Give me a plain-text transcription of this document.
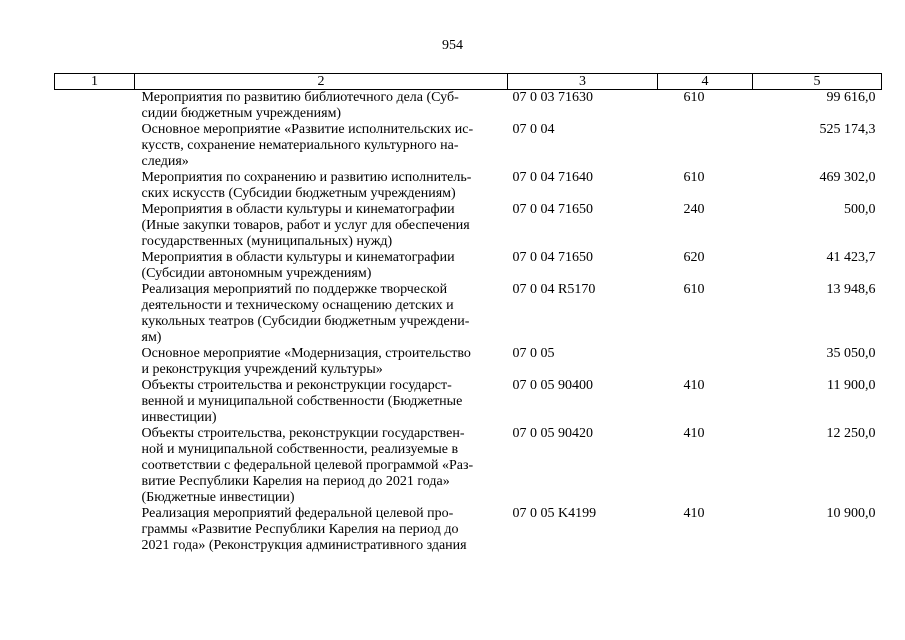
954
1	2	3	4	5

	Мероприятия по развитию библиотечного дела (Суб-
сидии бюджетным учреждениям)	07 0 03 71630	610	99 616,0

	Основное мероприятие «Развитие исполнительских ис-
кусств, сохранение нематериального культурного на-
следия»	07 0 04		525 174,3

	Мероприятия по сохранению и развитию исполнитель-
ских искусств (Субсидии бюджетным учреждениям)	07 0 04 71640	610	469 302,0

	Мероприятия в области культуры и кинематографии
(Иные закупки товаров, работ и услуг для обеспечения
государственных (муниципальных) нужд)	07 0 04 71650	240	500,0

	Мероприятия в области культуры и кинематографии
(Субсидии автономным учреждениям)	07 0 04 71650	620	41 423,7

	Реализация мероприятий по поддержке творческой
деятельности и техническому оснащению детских и
кукольных театров (Субсидии бюджетным учреждени-
ям)	07 0 04 R5170	610	13 948,6

	Основное мероприятие «Модернизация, строительство
и реконструкция учреждений культуры»	07 0 05		35 050,0

	Объекты строительства и реконструкции государст-
венной и муниципальной собственности (Бюджетные
инвестиции)	07 0 05 90400	410	11 900,0

	Объекты строительства, реконструкции государствен-
ной и муниципальной собственности, реализуемые в
соответствии с федеральной целевой программой «Раз-
витие Республики Карелия на период до 2021 года»
(Бюджетные инвестиции)	07 0 05 90420	410	12 250,0

	Реализация мероприятий федеральной целевой про-
граммы «Развитие Республики Карелия на период до
2021 года» (Реконструкция административного здания	07 0 05 K4199	410	10 900,0
